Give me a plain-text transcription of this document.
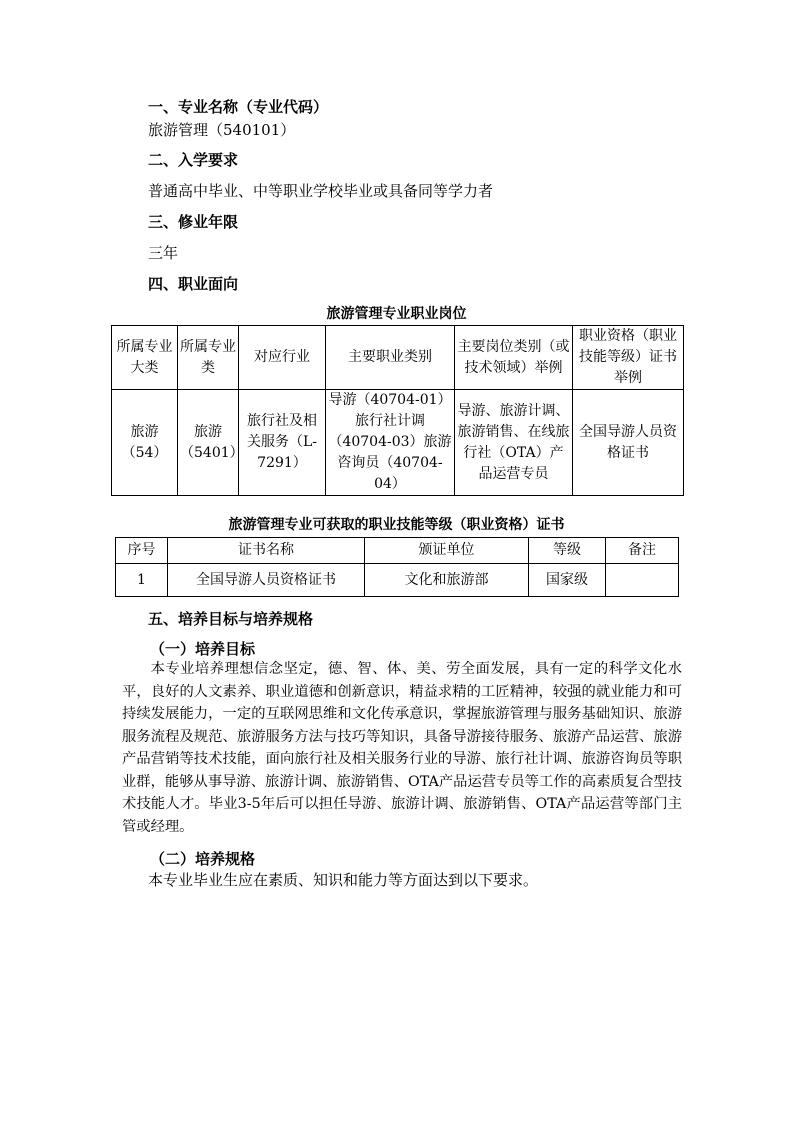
一、专业名称（专业代码）
旅游管理（540101）
二、入学要求
普通高中毕业、中等职业学校毕业或具备同等学力者
三、修业年限
三年
四、职业面向
旅游管理专业职业岗位
所属专业大类	所属专业类	对应行业	主要职业类别	主要岗位类别（或技术领域）举例	职业资格（职业技能等级）证书举例
旅游（54）	旅游（5401）	旅行社及相关服务（L-7291）	导游（40704-01）旅行社计调（40704-03）旅游咨询员（40704-04）	导游、旅游计调、旅游销售、在线旅行社（OTA）产品运营专员	全国导游人员资格证书
旅游管理专业可获取的职业技能等级（职业资格）证书
序号	证书名称	颁证单位	等级	备注
1	全国导游人员资格证书	文化和旅游部	国家级	
五、培养目标与培养规格
（一）培养目标
本专业培养理想信念坚定，德、智、体、美、劳全面发展，具有一定的科学文化水平，良好的人文素养、职业道德和创新意识，精益求精的工匠精神，较强的就业能力和可持续发展能力，一定的互联网思维和文化传承意识，掌握旅游管理与服务基础知识、旅游服务流程及规范、旅游服务方法与技巧等知识，具备导游接待服务、旅游产品运营、旅游产品营销等技术技能，面向旅行社及相关服务行业的导游、旅行社计调、旅游咨询员等职业群，能够从事导游、旅游计调、旅游销售、OTA产品运营专员等工作的高素质复合型技术技能人才。毕业3-5年后可以担任导游、旅游计调、旅游销售、OTA产品运营等部门主管或经理。
（二）培养规格
本专业毕业生应在素质、知识和能力等方面达到以下要求。
